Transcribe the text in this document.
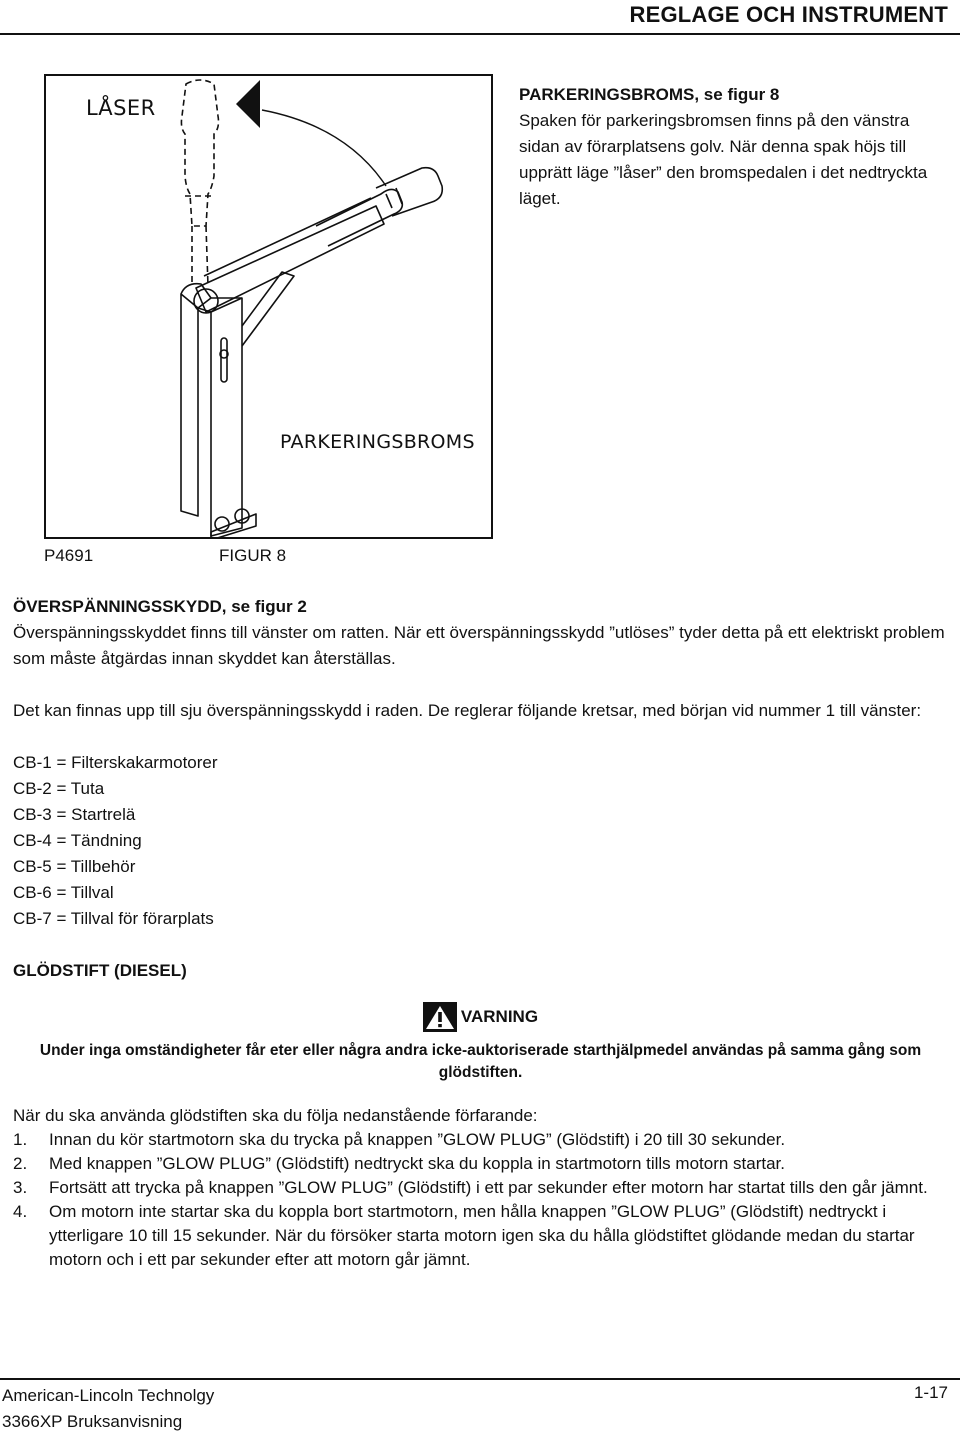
REGLAGE OCH INSTRUMENT
LÅSER
PARKERINGSBROMS
P4691	FIGUR 8
PARKERINGSBROMS, se figur 8
Spaken för parkeringsbromsen finns på den vänstra sidan av förarplatsens golv. När denna spak höjs till upprätt läge ”låser” den bromspedalen i det nedtryckta läget.
ÖVERSPÄNNINGSSKYDD, se figur 2

Överspänningsskyddet finns till vänster om ratten. När ett överspänningsskydd ”utlöses” tyder detta på ett elektriskt problem som måste åtgärdas innan skyddet kan återställas.

Det kan finnas upp till sju överspänningsskydd i raden. De reglerar följande kretsar, med början vid nummer 1 till vänster:

CB-1 = Filterskakarmotorer
CB-2 = Tuta
CB-3 = Startrelä
CB-4 = Tändning
CB-5 = Tillbehör
CB-6 = Tillval
CB-7 = Tillval för förarplats
GLÖDSTIFT (DIESEL)
VARNING
Under inga omständigheter får eter eller några andra icke-auktoriserade starthjälpmedel användas på samma gång som glödstiften.
När du ska använda glödstiften ska du följa nedanstående förfarande:
1.	Innan du kör startmotorn ska du trycka på knappen ”GLOW PLUG” (Glödstift) i 20 till 30 sekunder.
2.	Med knappen ”GLOW PLUG” (Glödstift) nedtryckt ska du koppla in startmotorn tills motorn startar.
3.	Fortsätt att trycka på knappen ”GLOW PLUG” (Glödstift) i ett par sekunder efter motorn har startat tills den går jämnt.
4.	Om motorn inte startar ska du koppla bort startmotorn, men hålla knappen ”GLOW PLUG” (Glödstift) nedtryckt i ytterligare 10 till 15 sekunder. När du försöker starta motorn igen ska du hålla glödstiftet glödande medan du startar motorn och i ett par sekunder efter att motorn går jämnt.
American-Lincoln Technolgy
3366XP Bruksanvisning
1-17
